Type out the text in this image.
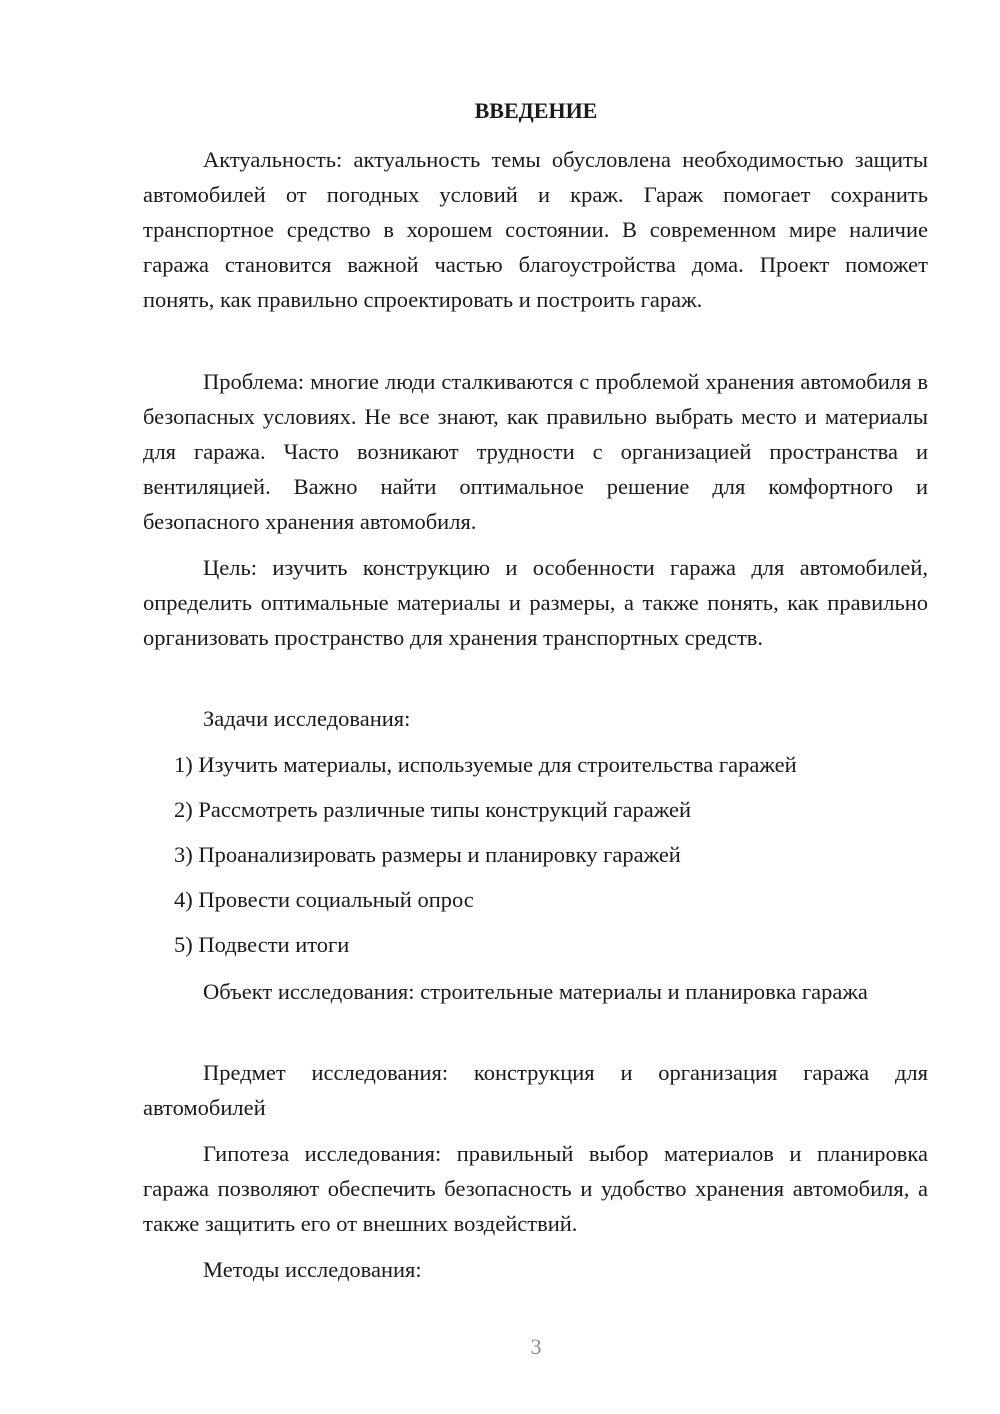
ВВЕДЕНИЕ

Актуальность: актуальность темы обусловлена необходимостью защиты автомобилей от погодных условий и краж. Гараж помогает сохранить транспортное средство в хорошем состоянии. В современном мире наличие гаража становится важной частью благоустройства дома. Проект поможет понять, как правильно спроектировать и построить гараж.

Проблема: многие люди сталкиваются с проблемой хранения автомобиля в безопасных условиях. Не все знают, как правильно выбрать место и материалы для гаража. Часто возникают трудности с организацией пространства и вентиляцией. Важно найти оптимальное решение для комфортного и безопасного хранения автомобиля.

Цель: изучить конструкцию и особенности гаража для автомобилей, определить оптимальные материалы и размеры, а также понять, как правильно организовать пространство для хранения транспортных средств.

Задачи исследования:

1) Изучить материалы, используемые для строительства гаражей

2) Рассмотреть различные типы конструкций гаражей

3) Проанализировать размеры и планировку гаражей

4) Провести социальный опрос

5) Подвести итоги

Объект исследования: строительные материалы и планировка гаража

Предмет исследования: конструкция и организация гаража для автомобилей

Гипотеза исследования: правильный выбор материалов и планировка гаража позволяют обеспечить безопасность и удобство хранения автомобиля, а также защитить его от внешних воздействий.

Методы исследования:

3
